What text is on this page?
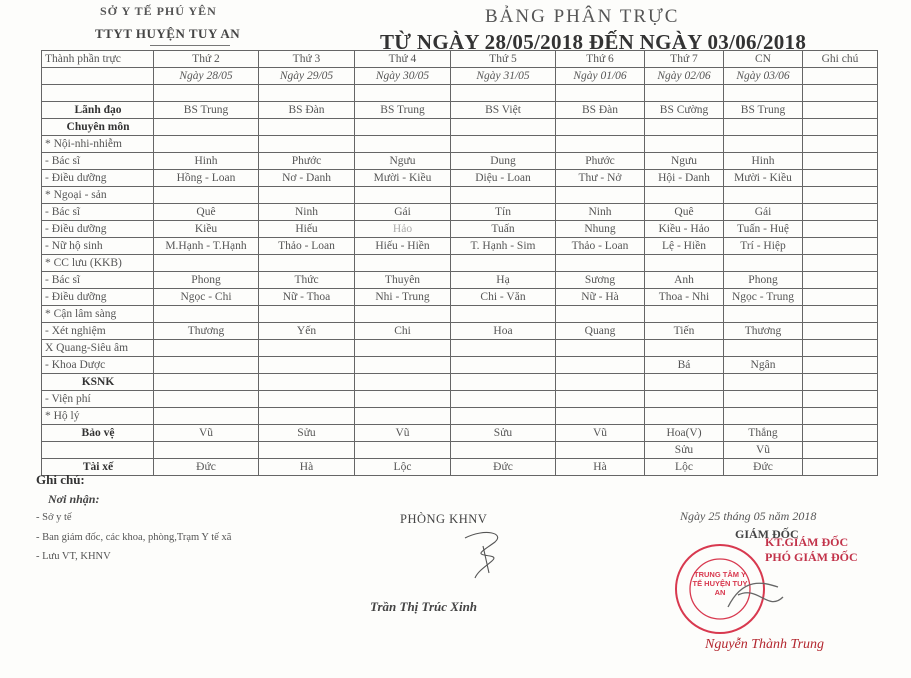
SỞ Y TẾ PHÚ YÊN
TTYT HUYỆN TUY AN
BẢNG PHÂN TRỰC
TỪ NGÀY 28/05/2018 ĐẾN NGÀY 03/06/2018
Thành phần trực	Thứ 2	Thứ 3	Thứ 4	Thứ 5	Thứ 6	Thứ 7	CN	Ghi chú
	Ngày 28/05	Ngày 29/05	Ngày 30/05	Ngày 31/05	Ngày 01/06	Ngày 02/06	Ngày 03/06	

Lãnh đạo	BS Trung	BS Đàn	BS Trung	BS Việt	BS Đàn	BS Cường	BS Trung	
Chuyên môn								
* Nội-nhi-nhiễm								
- Bác sĩ	Hinh	Phước	Ngưu	Dung	Phước	Ngưu	Hinh	
- Điều dưỡng	Hồng - Loan	Nơ - Danh	Mười - Kiều	Diệu - Loan	Thư - Nở	Hội - Danh	Mười - Kiều	
* Ngoại - sản								
- Bác sĩ	Quê	Ninh	Gái	Tín	Ninh	Quê	Gái	
- Điều dưỡng	Kiều	Hiếu	Hảo	Tuấn	Nhung	Kiều - Hảo	Tuấn - Huệ	
- Nữ hộ sinh	M.Hạnh - T.Hạnh	Thảo - Loan	Hiếu - Hiền	T. Hạnh - Sim	Thảo - Loan	Lệ - Hiền	Trí - Hiệp	
* CC lưu (KKB)								
- Bác sĩ	Phong	Thức	Thuyên	Hạ	Sương	Anh	Phong	
- Điều dưỡng	Ngọc - Chi	Nữ - Thoa	Nhi - Trung	Chi - Văn	Nữ - Hà	Thoa - Nhi	Ngọc - Trung	
* Cận lâm sàng								
- Xét nghiệm	Thương	Yến	Chi	Hoa	Quang	Tiến	Thương	
X Quang-Siêu âm								
- Khoa Dược						Bá	Ngân	
KSNK								
- Viện phí								
* Hộ lý								
Bảo vệ	Vũ	Sửu	Vũ	Sửu	Vũ	Hoa(V)	Thắng	
						Sửu	Vũ	
Tài xế	Đức	Hà	Lộc	Đức	Hà	Lộc	Đức	
Ghi chú:
Nơi nhận:
- Sở y tế
- Ban giám đốc, các khoa, phòng,Trạm Y tế xã
- Lưu VT, KHNV
PHÒNG KHNV
Trần Thị Trúc Xinh
Ngày 25 tháng 05 năm 2018
GIÁM ĐỐC
KT.GIÁM ĐỐC PHÓ GIÁM ĐỐC
TRUNG TÂM Y TẾ HUYỆN TUY AN
Nguyễn Thành Trung
